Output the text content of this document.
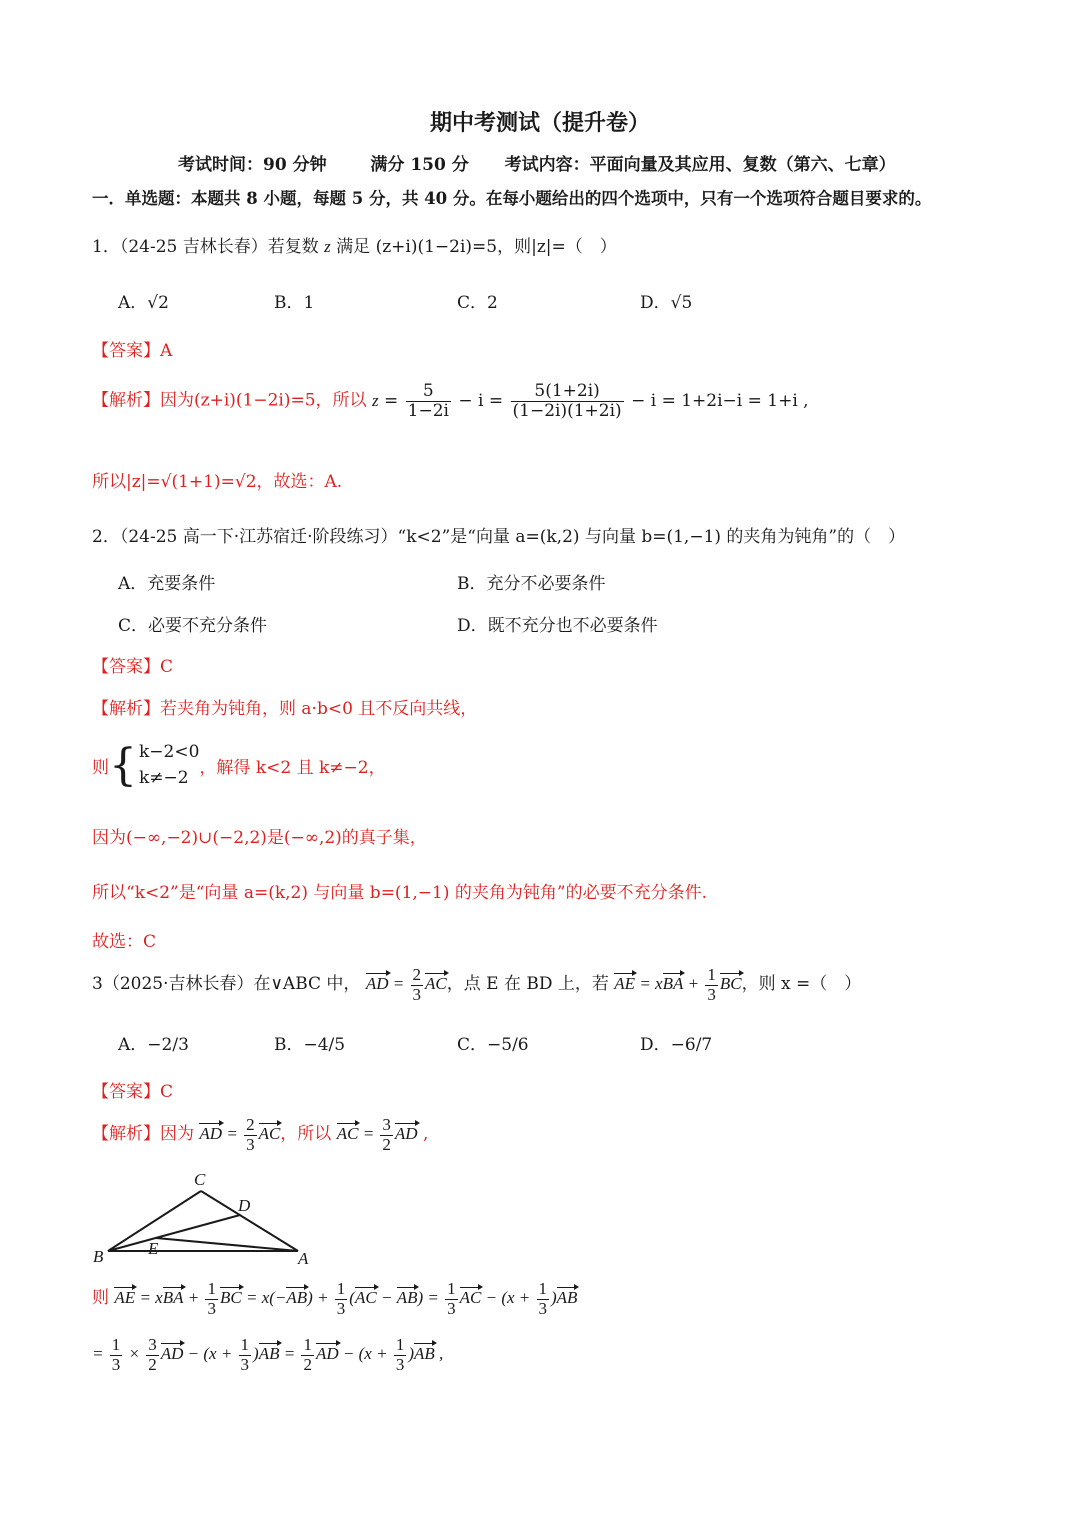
期中考测试（提升卷）
考试时间：90 分钟	满分 150 分 考试内容：平面向量及其应用、复数（第六、七章）
一．单选题：本题共 8 小题，每题 5 分，共 40 分。在每小题给出的四个选项中，只有一个选项符合题目要求的。
1．（24-25 吉林长春）若复数 z 满足 (z+i)(1−2i)=5，则|z|=（　）
A．√2	B．1	C．2	D．√5
【答案】A
【解析】因为(z+i)(1−2i)=5，所以 $z = \frac{5}{1-2i} - i = \frac{5(1+2i)}{(1-2i)(1+2i)} - i = 1+2i-i = 1+i$ ,
所以|z|=√(1+1)=√2，故选：A.
2．（24-25 高一下·江苏宿迁·阶段练习）“k<2”是“向量 a=(k,2) 与向量 b=(1,−1) 的夹角为钝角”的（　）
A．充要条件	B．充分不必要条件
C．必要不充分条件	D．既不充分也不必要条件
【答案】C
【解析】若夹角为钝角，则 a·b<0 且不反向共线，
则{ k−2<0
k≠−2 ，解得 k<2 且 k≠−2，
因为(−∞,−2)∪(−2,2)是(−∞,2)的真子集，
所以“k<2”是“向量 a=(k,2) 与向量 b=(1,−1) 的夹角为钝角”的必要不充分条件.
故选：C
3（2025·吉林长春）在∨ABC 中， AD = $\frac{2}{3}$ AC，点 E 在 BD 上，若 AE = xBA + $\frac{1}{3}$ BC，则 x =（　）
A．−2/3	B．−4/5	C．−5/6	D．−6/7
【答案】C
【解析】因为 AD = $\frac{2}{3}$ AC，所以 AC = $\frac{3}{2}$ AD ,
C
D
B	E
A
则 AE = xBA + $\frac{1}{3}$ BC = $x(-AB) + \frac{1}{3} (AC - AB) = \frac{1}{3}$ AC − $(x + \frac{1}{3} )AB$
= $\frac{1}{3} \times \frac{3}{2}$ AD − $(x + \frac{1}{3} )AB = \frac{1}{2}$ AD − $(x + \frac{1}{3} )AB$ ,
